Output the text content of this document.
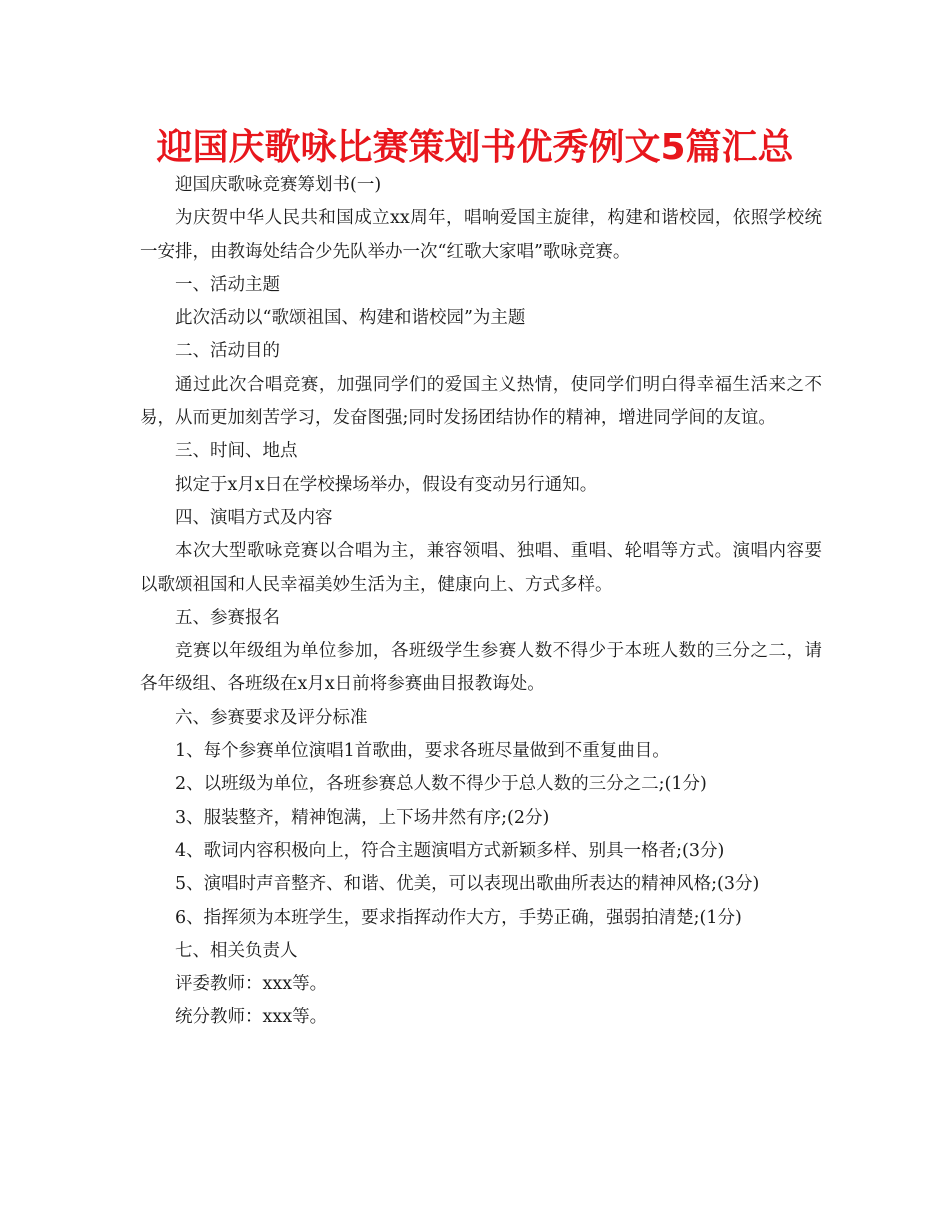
迎国庆歌咏比赛策划书优秀例文5篇汇总

迎国庆歌咏竞赛筹划书(一)

为庆贺中华人民共和国成立xx周年，唱响爱国主旋律，构建和谐校园，依照学校统一安排，由教诲处结合少先队举办一次“红歌大家唱”歌咏竞赛。

一、活动主题

此次活动以“歌颂祖国、构建和谐校园”为主题

二、活动目的

通过此次合唱竞赛，加强同学们的爱国主义热情，使同学们明白得幸福生活来之不易，从而更加刻苦学习，发奋图强;同时发扬团结协作的精神，增进同学间的友谊。

三、时间、地点

拟定于x月x日在学校操场举办，假设有变动另行通知。

四、演唱方式及内容

本次大型歌咏竞赛以合唱为主，兼容领唱、独唱、重唱、轮唱等方式。演唱内容要以歌颂祖国和人民幸福美妙生活为主，健康向上、方式多样。

五、参赛报名

竞赛以年级组为单位参加，各班级学生参赛人数不得少于本班人数的三分之二，请各年级组、各班级在x月x日前将参赛曲目报教诲处。

六、参赛要求及评分标准

1、每个参赛单位演唱1首歌曲，要求各班尽量做到不重复曲目。

2、以班级为单位，各班参赛总人数不得少于总人数的三分之二;(1分)

3、服装整齐，精神饱满，上下场井然有序;(2分)

4、歌词内容积极向上，符合主题演唱方式新颖多样、别具一格者;(3分)

5、演唱时声音整齐、和谐、优美，可以表现出歌曲所表达的精神风格;(3分)

6、指挥须为本班学生，要求指挥动作大方，手势正确，强弱拍清楚;(1分)

七、相关负责人

评委教师：xxx等。

统分教师：xxx等。
